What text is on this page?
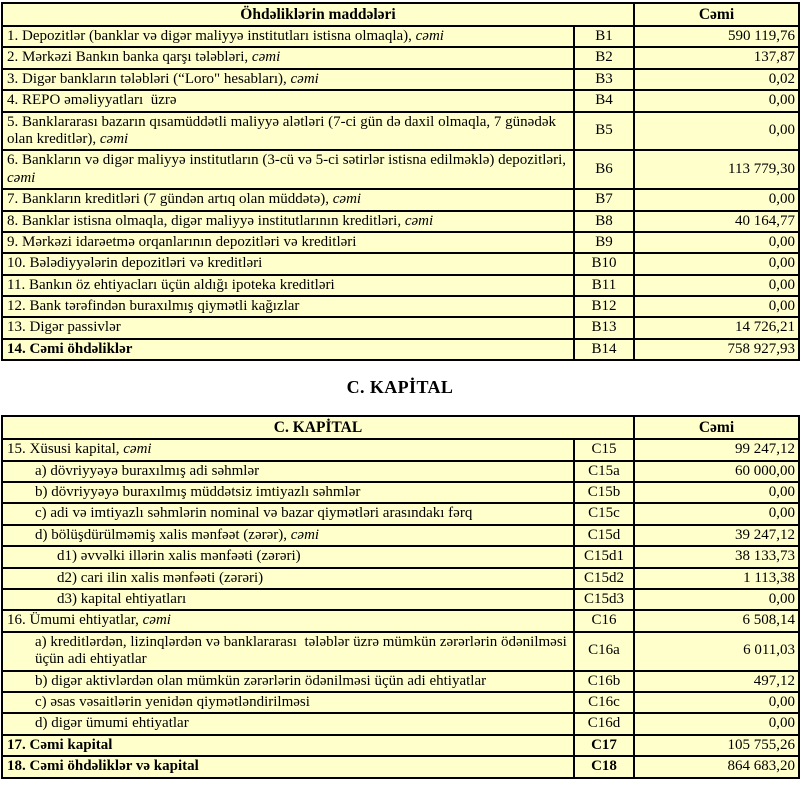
Öhdəliklərin maddələri		Cəmi
1. Depozitlər (banklar və digər maliyyə institutları istisna olmaqla), cəmi	B1	590 119,76
2. Mərkəzi Bankın banka qarşı tələbləri, cəmi	B2	137,87
3. Digər bankların tələbləri (“Loro" hesabları), cəmi	B3	0,02
4. REPO əməliyyatları  üzrə	B4	0,00
5. Banklararası bazarın qısamüddətli maliyyə alətləri (7-ci gün də daxil olmaqla, 7 günədək olan kreditlər), cəmi	B5	0,00
6. Bankların və digər maliyyə institutların (3-cü və 5-ci sətirlər istisna edilməklə) depozitləri, cəmi	B6	113 779,30
7. Bankların kreditləri (7 gündən artıq olan müddətə), cəmi	B7	0,00
8. Banklar istisna olmaqla, digər maliyyə institutlarının kreditləri, cəmi	B8	40 164,77
9. Mərkəzi idarəetmə orqanlarının depozitləri və kreditləri	B9	0,00
10. Bələdiyyələrin depozitləri və kreditləri	B10	0,00
11. Bankın öz ehtiyacları üçün aldığı ipoteka kreditləri	B11	0,00
12. Bank tərəfindən buraxılmış qiymətli kağızlar	B12	0,00
13. Digər passivlər	B13	14 726,21
14. Cəmi öhdəliklər	B14	758 927,93
C. KAPİTAL
C. KAPİTAL		Cəmi
15. Xüsusi kapital, cəmi	C15	99 247,12
a) dövriyyəyə buraxılmış adi səhmlər	C15a	60 000,00
b) dövriyyəyə buraxılmış müddətsiz imtiyazlı səhmlər	C15b	0,00
c) adi və imtiyazlı səhmlərin nominal və bazar qiymətləri arasındakı fərq	C15c	0,00
d) bölüşdürülməmiş xalis mənfəət (zərər), cəmi	C15d	39 247,12
d1) əvvəlki illərin xalis mənfəəti (zərəri)	C15d1	38 133,73
d2) cari ilin xalis mənfəəti (zərəri)	C15d2	1 113,38
d3) kapital ehtiyatları	C15d3	0,00
16. Ümumi ehtiyatlar, cəmi	C16	6 508,14
a) kreditlərdən, lizinqlərdən və banklararası  tələblər üzrə mümkün zərərlərin ödənilməsi üçün adi ehtiyatlar	C16a	6 011,03
b) digər aktivlərdən olan mümkün zərərlərin ödənilməsi üçün adi ehtiyatlar	C16b	497,12
c) əsas vəsaitlərin yenidən qiymətləndirilməsi	C16c	0,00
d) digər ümumi ehtiyatlar	C16d	0,00
17. Cəmi kapital	C17	105 755,26
18. Cəmi öhdəliklər və kapital	C18	864 683,20
